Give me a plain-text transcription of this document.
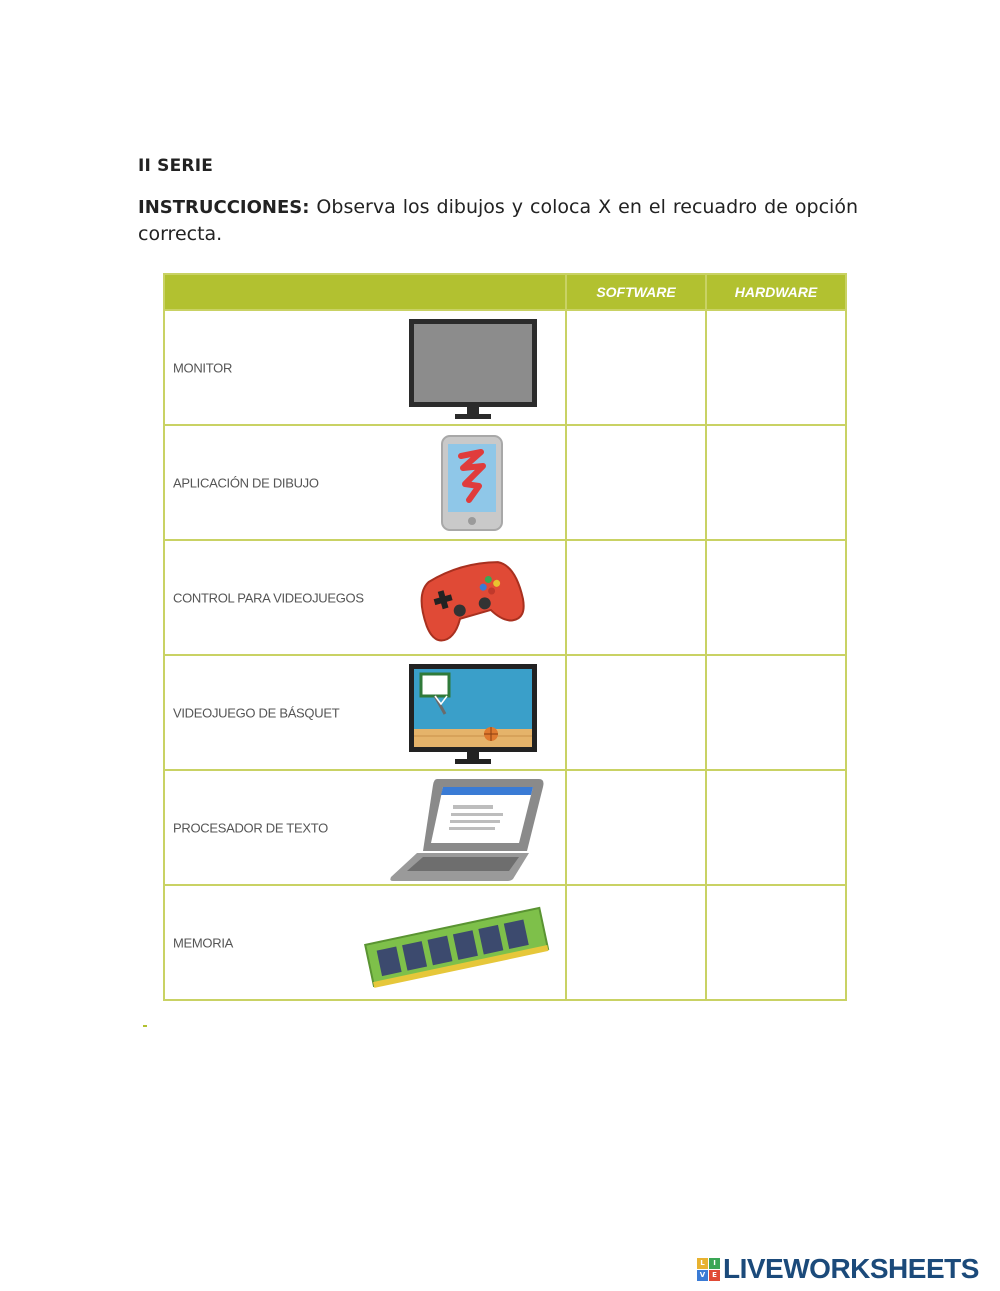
II SERIE
INSTRUCCIONES: Observa los dibujos y coloca X en el recuadro de opción correcta.
	SOFTWARE	HARDWARE

MONITOR		

APLICACIÓN DE DIBUJO		

CONTROL PARA VIDEOJUEGOS		

VIDEOJUEGO DE BÁSQUET		

PROCESADOR DE TEXTO		

MEMORIA		

L	I
V E LIVEWORKSHEETS
